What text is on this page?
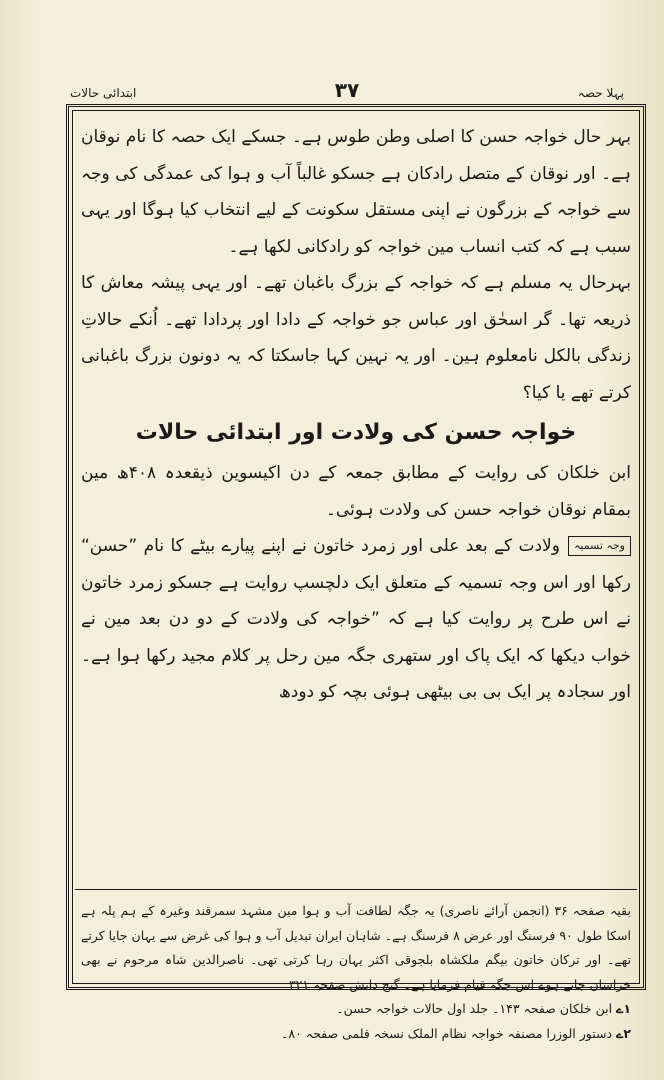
پہلا حصہ
۳۷
ابتدائی حالات

بہر حال خواجہ حسن کا اصلی وطن طوس ہے۔ جسکے ایک حصہ کا نام نوقان ہے۔ اور نوقان کے متصل رادکان ہے جسکو غالباً آب و ہوا کی عمدگی کی وجہ سے خواجہ کے بزرگون نے اپنی مستقل سکونت کے لیے انتخاب کیا ہوگا اور یہی سبب ہے کہ کتب انساب مین خواجہ کو رادکانی لکھا ہے۔

بہرحال یہ مسلم ہے کہ خواجہ کے بزرگ باغبان تھے۔ اور یہی پیشہ معاش کا ذریعہ تھا۔ گر اسحٰق اور عباس جو خواجہ کے دادا اور پردادا تھے۔ اُنکے حالاتِ زندگی بالکل نامعلوم ہین۔ اور یہ نہین کہا جاسکتا کہ یہ دونون بزرگ باغبانی کرتے تھے یا کیا؟

خواجہ حسن کی ولادت اور ابتدائی حالات

ابن خلکان کی روایت کے مطابق جمعہ کے دن اکیسوین ذیقعدہ ۴۰۸ھ مین بمقام نوقان خواجہ حسن کی ولادت ہوئی۔

وجہ تسمیہولادت کے بعد علی اور زمرد خاتون نے اپنے پیارے بیٹے کا نام ”حسن“ رکھا اور اس وجہ تسمیہ کے متعلق ایک دلچسپ روایت ہے جسکو زمرد خاتون نے اس طرح پر روایت کیا ہے کہ ”خواجہ کی ولادت کے دو دن بعد مین نے خواب دیکھا کہ ایک پاک اور ستھری جگہ مین رحل پر کلام مجید رکھا ہوا ہے۔ اور سجادہ پر ایک بی بی بیٹھی ہوئی بچہ کو دودھ

بقیہ صفحہ ۳۶ (انجمن آرائے ناصری) یہ جگہ لطافت آب و ہوا مین مشہد سمرقند وغیرہ کے ہم پلہ ہے اسکا طول ۹۰ فرسنگ اور عرض ۸ فرسنگ ہے۔ شاہان ایران تبدیل آب و ہوا کی غرض سے یہان جایا کرتے تھے۔ اور ترکان خاتون بیگم ملکشاہ بلجوقی اکثر یہان رہا کرتی تھی۔ ناصرالدین شاہ مرحوم نے بھی خراسان جاتے ہوے اس جگہ قیام فرمایا ہے۔ گنج دانش صفحہ ۳۲۱

۱ے ابن خلکان صفحہ ۱۴۳۔ جلد اول حالات خواجہ حسن۔

۲ے دستور الوزرا مصنفہ خواجہ نظام الملک نسخہ قلمی صفحہ ۸۰۔
